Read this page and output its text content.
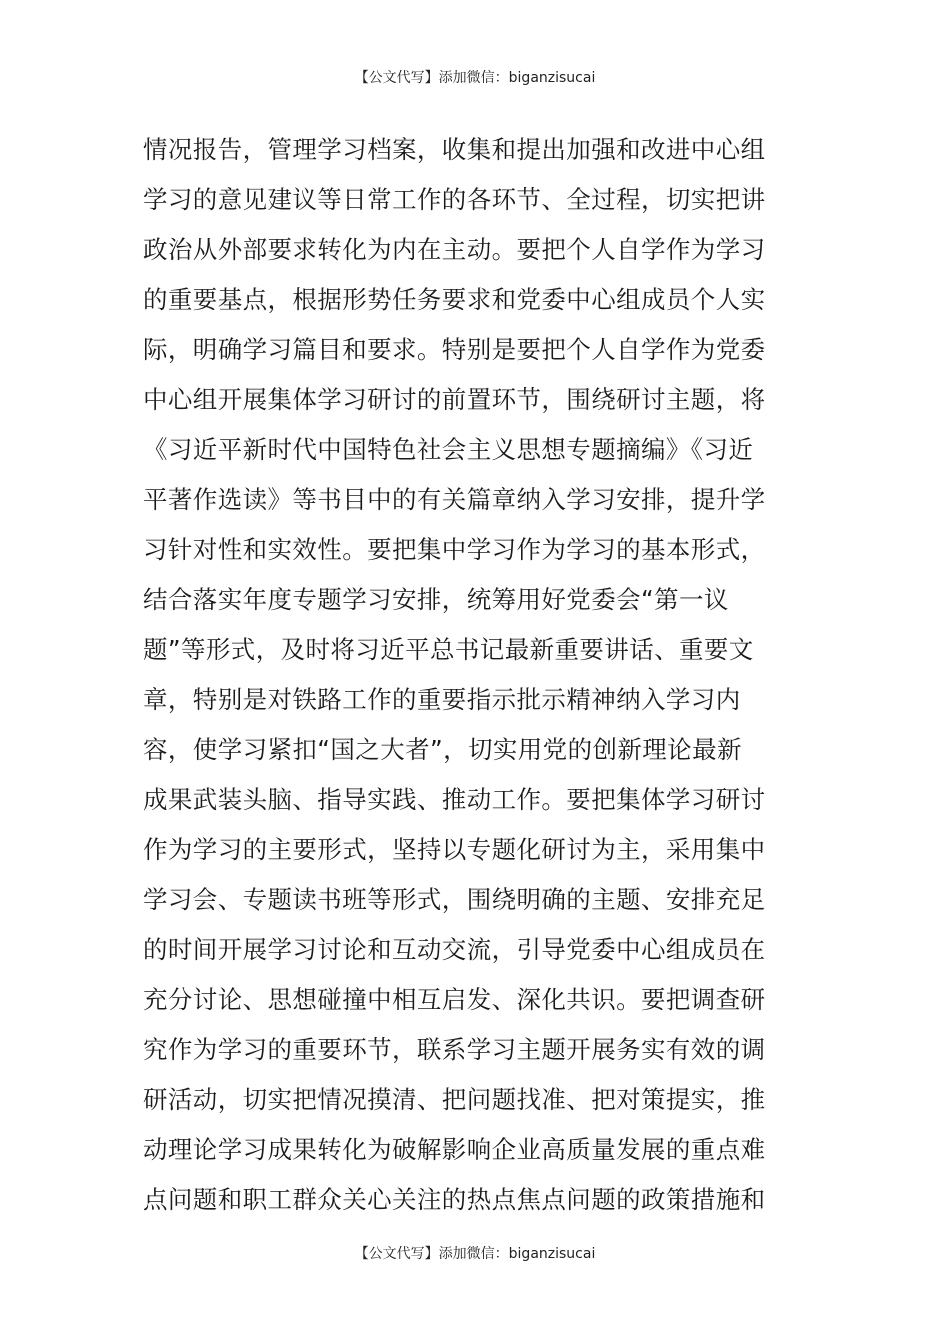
【公文代写】添加微信：biganzisucai
情况报告，管理学习档案，收集和提出加强和改进中心组
学习的意见建议等日常工作的各环节、全过程，切实把讲
政治从外部要求转化为内在主动。要把个人自学作为学习
的重要基点，根据形势任务要求和党委中心组成员个人实
际，明确学习篇目和要求。特别是要把个人自学作为党委
中心组开展集体学习研讨的前置环节，围绕研讨主题，将
《习近平新时代中国特色社会主义思想专题摘编》《习近
平著作选读》等书目中的有关篇章纳入学习安排，提升学
习针对性和实效性。要把集中学习作为学习的基本形式，
结合落实年度专题学习安排，统筹用好党委会“第一议
题”等形式，及时将习近平总书记最新重要讲话、重要文
章，特别是对铁路工作的重要指示批示精神纳入学习内
容，使学习紧扣“国之大者”，切实用党的创新理论最新
成果武装头脑、指导实践、推动工作。要把集体学习研讨
作为学习的主要形式，坚持以专题化研讨为主，采用集中
学习会、专题读书班等形式，围绕明确的主题、安排充足
的时间开展学习讨论和互动交流，引导党委中心组成员在
充分讨论、思想碰撞中相互启发、深化共识。要把调查研
究作为学习的重要环节，联系学习主题开展务实有效的调
研活动，切实把情况摸清、把问题找准、把对策提实，推
动理论学习成果转化为破解影响企业高质量发展的重点难
点问题和职工群众关心关注的热点焦点问题的政策措施和
【公文代写】添加微信：biganzisucai
